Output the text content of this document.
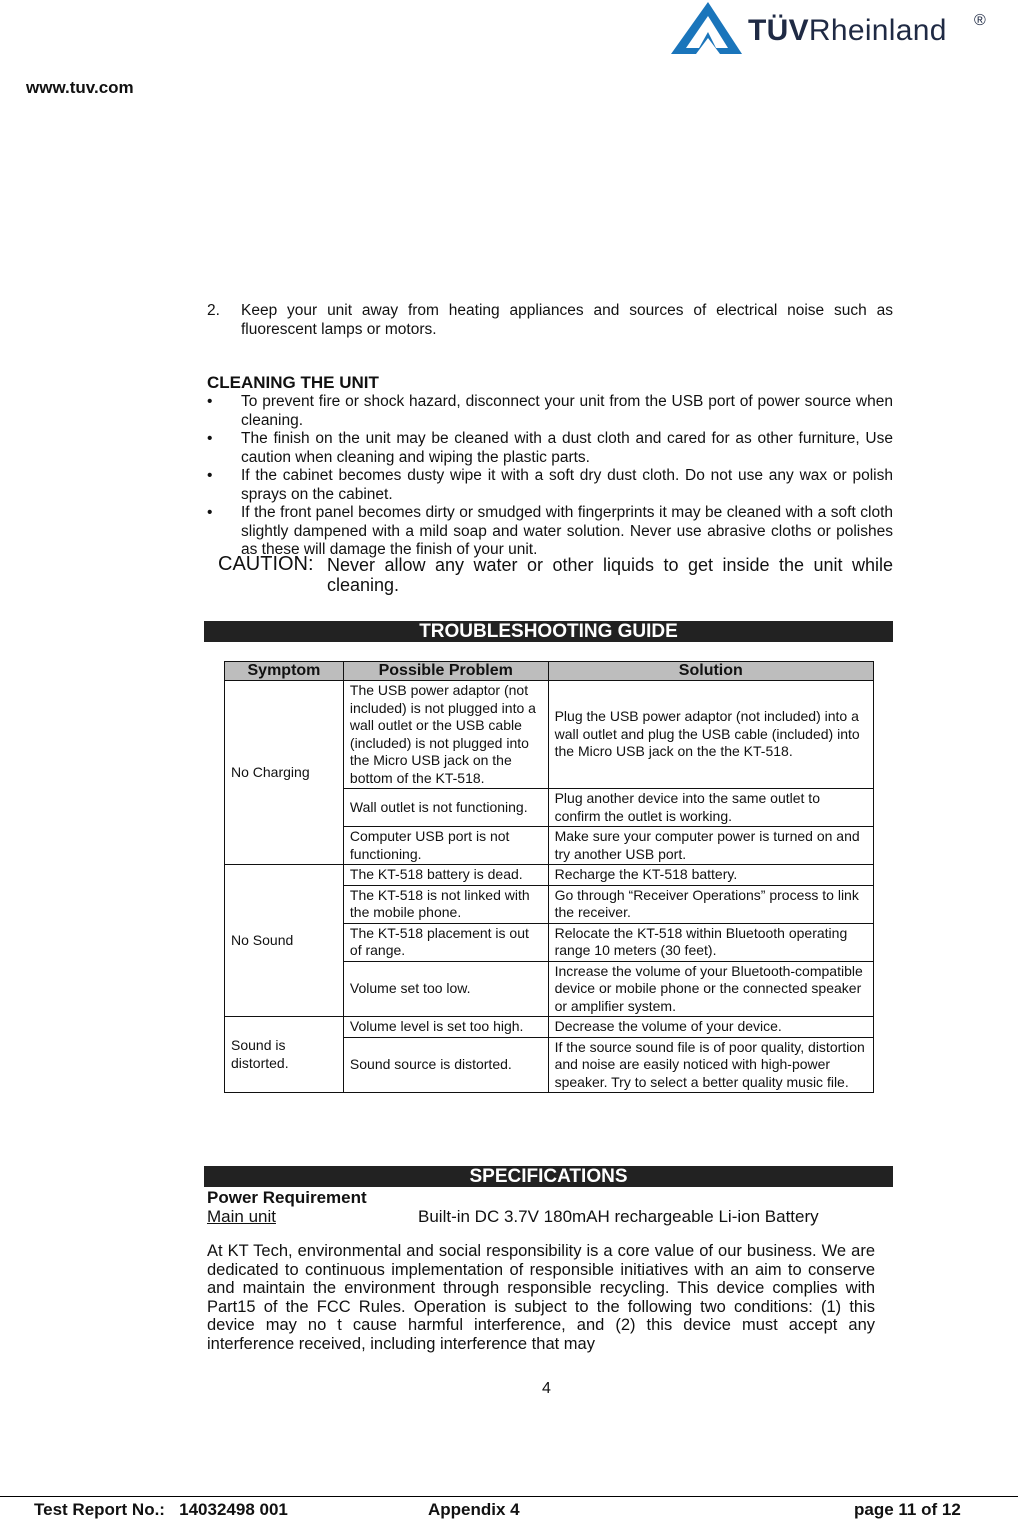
www.tuv.com
TÜVRheinland ®
2. Keep your unit away from heating appliances and sources of electrical noise such as fluorescent lamps or motors.
CLEANING THE UNIT
• To prevent fire or shock hazard, disconnect your unit from the USB port of power source when cleaning.
• The finish on the unit may be cleaned with a dust cloth and cared for as other furniture, Use caution when cleaning and wiping the plastic parts.
• If the cabinet becomes dusty wipe it with a soft dry dust cloth. Do not use any wax or polish sprays on the cabinet.
• If the front panel becomes dirty or smudged with fingerprints it may be cleaned with a soft cloth slightly dampened with a mild soap and water solution. Never use abrasive cloths or polishes as these will damage the finish of your unit.
CAUTION: Never allow any water or other liquids to get inside the unit while cleaning.
TROUBLESHOOTING GUIDE
Symptom	Possible Problem	Solution
No Charging	The USB power adaptor (not included) is not plugged into a wall outlet or the USB cable (included) is not plugged into the Micro USB jack on the bottom of the KT-518.	Plug the USB power adaptor (not included) into a wall outlet and plug the USB cable (included) into the Micro USB jack on the the KT-518.
	Wall outlet is not functioning.	Plug another device into the same outlet to confirm the outlet is working.
	Computer USB port is not functioning.	Make sure your computer power is turned on and try another USB port.
No Sound	The KT-518 battery is dead.	Recharge the KT-518 battery.
	The KT-518 is not linked with the mobile phone.	Go through “Receiver Operations” process to link the receiver.
	The KT-518 placement is out of range.	Relocate the KT-518 within Bluetooth operating range 10 meters (30 feet).
	Volume set too low.	Increase the volume of your Bluetooth-compatible device or mobile phone or the connected speaker or amplifier system.
Sound is distorted.	Volume level is set too high.	Decrease the volume of your device.
	Sound source is distorted.	If the source sound file is of poor quality, distortion and noise are easily noticed with high-power speaker. Try to select a better quality music file.
SPECIFICATIONS
Power Requirement
Main unit	Built-in DC 3.7V 180mAH rechargeable Li-ion Battery
At KT Tech, environmental and social responsibility is a core value of our business. We are dedicated to continuous implementation of responsible initiatives with an aim to conserve and maintain the environment through responsible recycling. This device complies with Part15 of the FCC Rules. Operation is subject to the following two conditions: (1) this device may no t cause harmful interference, and (2) this device must accept any interference received, including interference that may
4
Test Report No.:   14032498 001	Appendix 4	page 11 of 12
